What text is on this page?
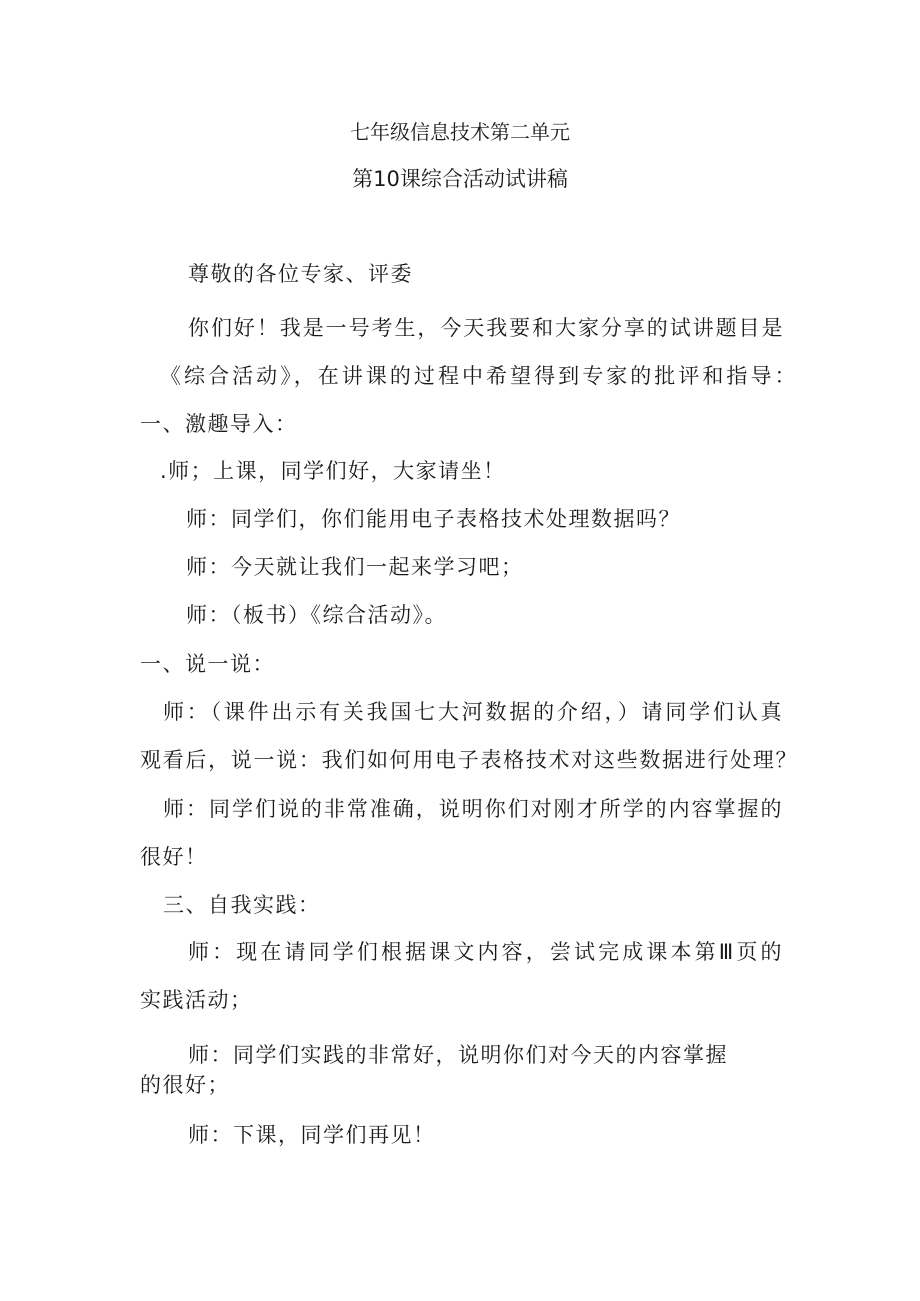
七年级信息技术第二单元
第10课综合活动试讲稿
尊敬的各位专家、评委
你们好！我是一号考生，今天我要和大家分享的试讲题目是
《综合活动》，在讲课的过程中希望得到专家的批评和指导：
一、激趣导入：
.师；上课，同学们好，大家请坐！
师：同学们，你们能用电子表格技术处理数据吗？
师：今天就让我们一起来学习吧；
师：（板书）《综合活动》。
一、说一说：
师：（课件出示有关我国七大河数据的介绍，）请同学们认真
观看后，说一说：我们如何用电子表格技术对这些数据进行处理？
师：同学们说的非常准确，说明你们对刚才所学的内容掌握的
很好！
三、自我实践：
师：现在请同学们根据课文内容，尝试完成课本第Ⅲ页的
实践活动；
师：同学们实践的非常好，说明你们对今天的内容掌握
的很好；
师：下课，同学们再见！
